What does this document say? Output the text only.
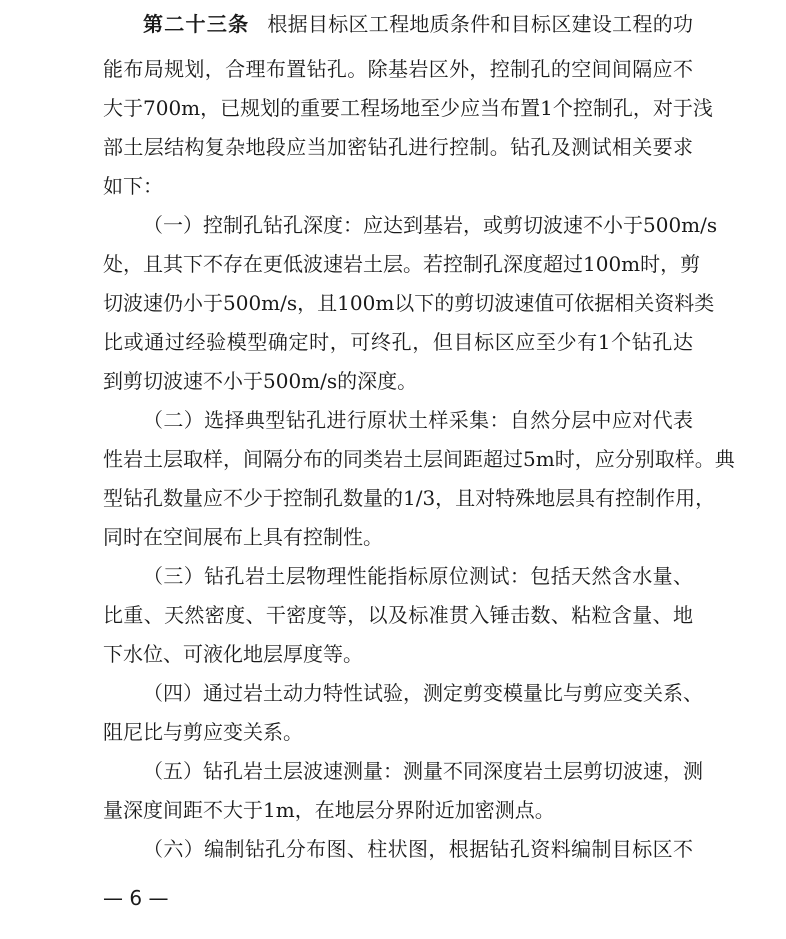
第二十三条 根据目标区工程地质条件和目标区建设工程的功
能布局规划，合理布置钻孔。除基岩区外，控制孔的空间间隔应不
大于700m，已规划的重要工程场地至少应当布置1个控制孔，对于浅
部土层结构复杂地段应当加密钻孔进行控制。钻孔及测试相关要求
如下：
（一）控制孔钻孔深度：应达到基岩，或剪切波速不小于500m/s
处，且其下不存在更低波速岩土层。若控制孔深度超过100m时，剪
切波速仍小于500m/s，且100m以下的剪切波速值可依据相关资料类
比或通过经验模型确定时，可终孔，但目标区应至少有1个钻孔达
到剪切波速不小于500m/s的深度。
（二）选择典型钻孔进行原状土样采集：自然分层中应对代表
性岩土层取样，间隔分布的同类岩土层间距超过5m时，应分别取样。典
型钻孔数量应不少于控制孔数量的1/3，且对特殊地层具有控制作用，
同时在空间展布上具有控制性。
（三）钻孔岩土层物理性能指标原位测试：包括天然含水量、
比重、天然密度、干密度等，以及标准贯入锤击数、粘粒含量、地
下水位、可液化地层厚度等。
（四）通过岩土动力特性试验，测定剪变模量比与剪应变关系、
阻尼比与剪应变关系。
（五）钻孔岩土层波速测量：测量不同深度岩土层剪切波速，测
量深度间距不大于1m，在地层分界附近加密测点。
（六）编制钻孔分布图、柱状图，根据钻孔资料编制目标区不
— 6 —
